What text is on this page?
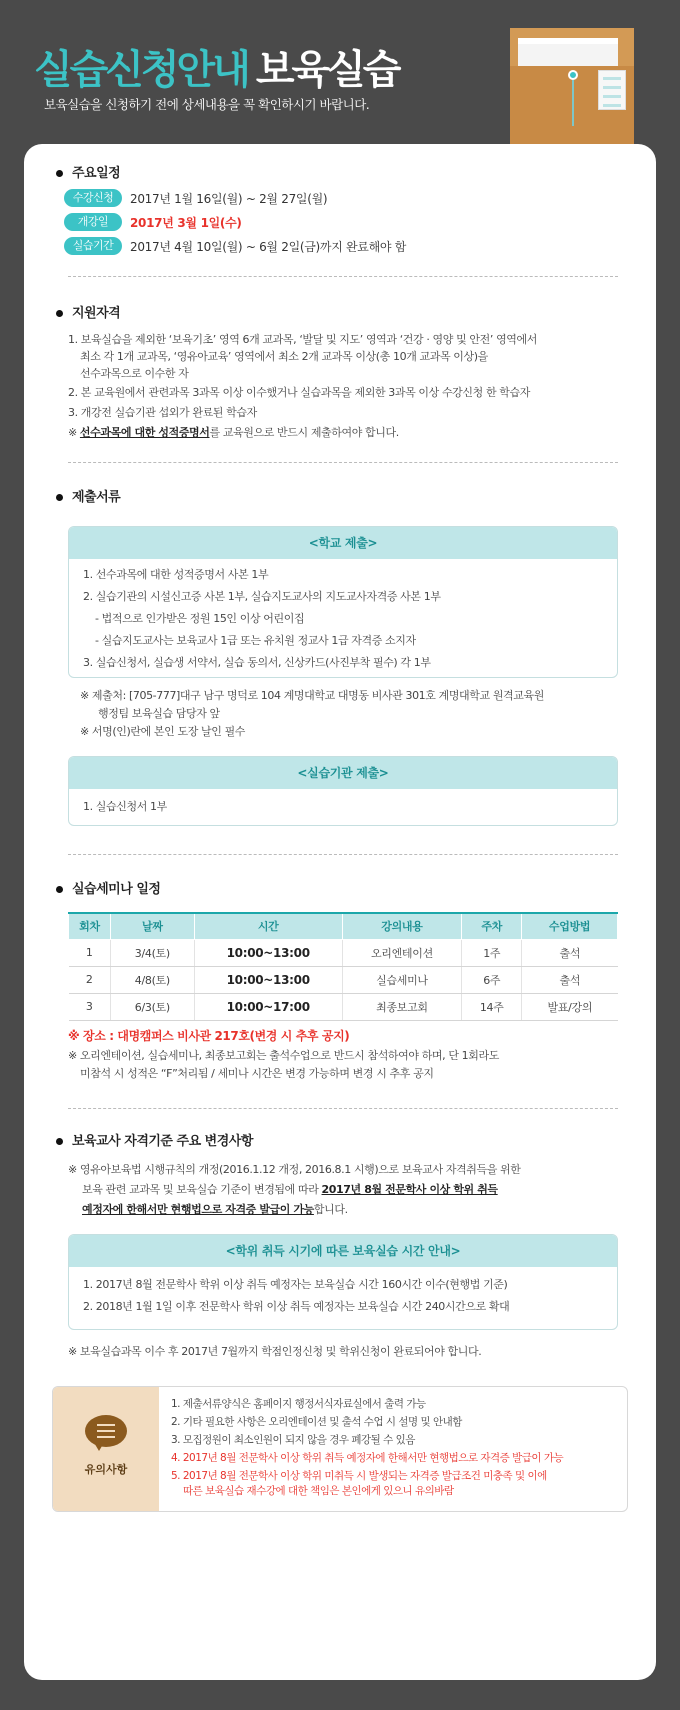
실습신청안내 보육실습
보육실습을 신청하기 전에 상세내용을 꼭 확인하시기 바랍니다.
주요일정
수강신청	2017년 1월 16일(월) ~ 2월 27일(월)
개강일	2017년 3월 1일(수)
실습기간	2017년 4월 10일(월) ~ 6월 2일(금)까지 완료해야 함
지원자격
1. 보육실습을 제외한 ‘보육기초’ 영역 6개 교과목, ‘발달 및 지도’ 영역과 ‘건강 · 영양 및 안전’ 영역에서
최소 각 1개 교과목, ‘영유아교육’ 영역에서 최소 2개 교과목 이상(총 10개 교과목 이상)을
선수과목으로 이수한 자
2. 본 교육원에서 관련과목 3과목 이상 이수했거나 실습과목을 제외한 3과목 이상 수강신청 한 학습자
3. 개강전 실습기관 섭외가 완료된 학습자
※ 선수과목에 대한 성적증명서를 교육원으로 반드시 제출하여야 합니다.
제출서류
<학교 제출>
1. 선수과목에 대한 성적증명서 사본 1부
2. 실습기관의 시설신고증 사본 1부, 실습지도교사의 지도교사자격증 사본 1부
- 법적으로 인가받은 정원 15인 이상 어린이집
- 실습지도교사는 보육교사 1급 또는 유치원 정교사 1급 자격증 소지자
3. 실습신청서, 실습생 서약서, 실습 동의서, 신상카드(사진부착 필수) 각 1부
※ 제출처: [705-777]대구 남구 명덕로 104 계명대학교 대명동 비사관 301호 계명대학교 원격교육원
행정팀 보육실습 담당자 앞
※ 서명(인)란에 본인 도장 날인 필수
<실습기관 제출>
1. 실습신청서 1부
실습세미나 일정
회차	날짜	시간	강의내용	주차	수업방법
1	3/4(토)	10:00~13:00	오리엔테이션	1주	출석
2	4/8(토)	10:00~13:00	실습세미나	6주	출석
3	6/3(토)	10:00~17:00	최종보고회	14주	발표/강의
※ 장소 : 대명캠퍼스 비사관 217호(변경 시 추후 공지)
※ 오리엔테이션, 실습세미나, 최종보고회는 출석수업으로 반드시 참석하여야 하며, 단 1회라도
미참석 시 성적은 “F”처리됨 / 세미나 시간은 변경 가능하며 변경 시 추후 공지
보육교사 자격기준 주요 변경사항
※ 영유아보육법 시행규칙의 개정(2016.1.12 개정, 2016.8.1 시행)으로 보육교사 자격취득을 위한
보육 관련 교과목 및 보육실습 기준이 변경됨에 따라 2017년 8월 전문학사 이상 학위 취득
예정자에 한해서만 현행법으로 자격증 발급이 가능합니다.
<학위 취득 시기에 따른 보육실습 시간 안내>
1. 2017년 8월 전문학사 학위 이상 취득 예정자는 보육실습 시간 160시간 이수(현행법 기준)
2. 2018년 1월 1일 이후 전문학사 학위 이상 취득 예정자는 보육실습 시간 240시간으로 확대
※ 보육실습과목 이수 후 2017년 7월까지 학점인정신청 및 학위신청이 완료되어야 합니다.
유의사항
1. 제출서류양식은 홈페이지 행정서식자료실에서 출력 가능
2. 기타 필요한 사항은 오리엔테이션 및 출석 수업 시 설명 및 안내함
3. 모집정원이 최소인원이 되지 않을 경우 폐강될 수 있음
4. 2017년 8월 전문학사 이상 학위 취득 예정자에 한해서만 현행법으로 자격증 발급이 가능
5. 2017년 8월 전문학사 이상 학위 미취득 시 발생되는 자격증 발급조건 미충족 및 이에
따른 보육실습 재수강에 대한 책임은 본인에게 있으니 유의바람
